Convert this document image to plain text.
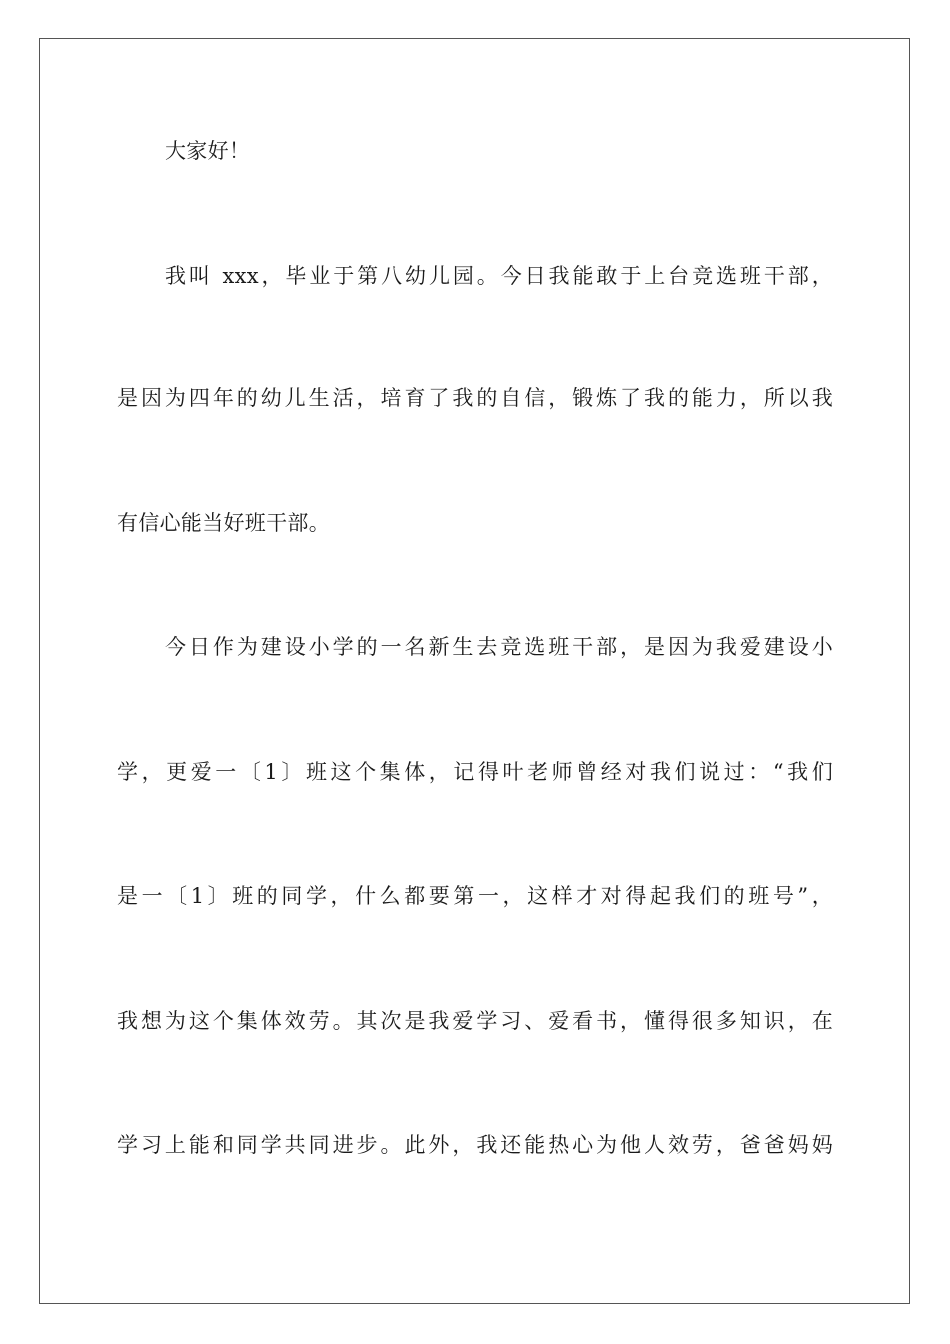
大家好！
我叫 xxx，毕业于第八幼儿园。今日我能敢于上台竞选班干部，
是因为四年的幼儿生活，培育了我的自信，锻炼了我的能力，所以我
有信心能当好班干部。
今日作为建设小学的一名新生去竞选班干部，是因为我爱建设小
学，更爱一〔1〕班这个集体，记得叶老师曾经对我们说过：“我们
是一〔1〕班的同学，什么都要第一，这样才对得起我们的班号”，
我想为这个集体效劳。其次是我爱学习、爱看书，懂得很多知识，在
学习上能和同学共同进步。此外，我还能热心为他人效劳，爸爸妈妈
